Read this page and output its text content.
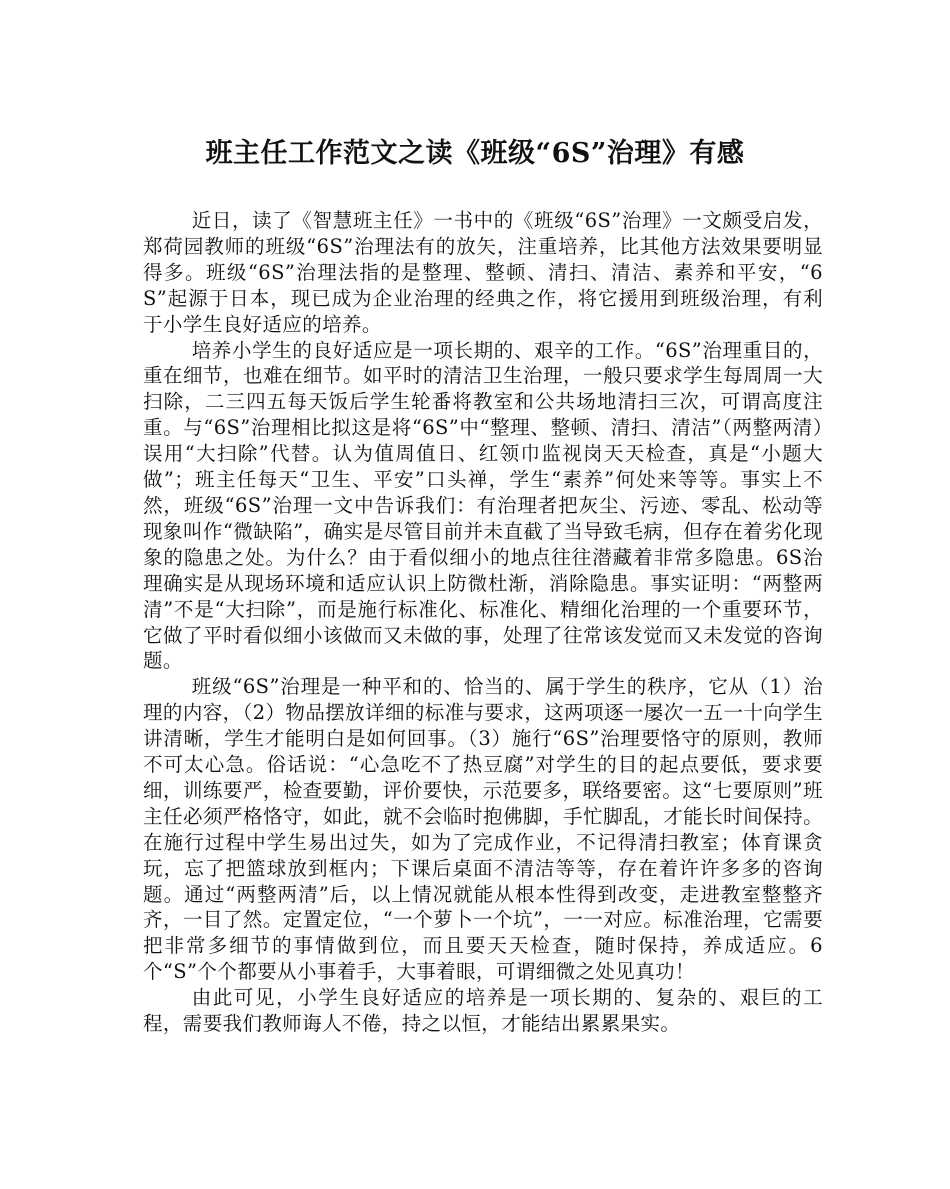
班主任工作范文之读《班级“6S”治理》有感

近日，读了《智慧班主任》一书中的《班级“6S”治理》一文颇受启发，郑荷园教师的班级“6S”治理法有的放矢，注重培养，比其他方法效果要明显得多。班级“6S”治理法指的是整理、整顿、清扫、清洁、素养和平安，“6S”起源于日本，现已成为企业治理的经典之作，将它援用到班级治理，有利于小学生良好适应的培养。

培养小学生的良好适应是一项长期的、艰辛的工作。“6S”治理重目的，重在细节，也难在细节。如平时的清洁卫生治理，一般只要求学生每周周一大扫除，二三四五每天饭后学生轮番将教室和公共场地清扫三次，可谓高度注重。与“6S”治理相比拟这是将“6S”中“整理、整顿、清扫、清洁”（两整两清）误用“大扫除”代替。认为值周值日、红领巾监视岗天天检查，真是“小题大做”；班主任每天“卫生、平安”口头禅，学生“素养”何处来等等。事实上不然，班级“6S”治理一文中告诉我们：有治理者把灰尘、污迹、零乱、松动等现象叫作“微缺陷”，确实是尽管目前并未直截了当导致毛病，但存在着劣化现象的隐患之处。为什么？由于看似细小的地点往往潜藏着非常多隐患。6S治理确实是从现场环境和适应认识上防微杜渐，消除隐患。事实证明：“两整两清”不是“大扫除”，而是施行标准化、标准化、精细化治理的一个重要环节，它做了平时看似细小该做而又未做的事，处理了往常该发觉而又未发觉的咨询题。

班级“6S”治理是一种平和的、恰当的、属于学生的秩序，它从（1）治理的内容，（2）物品摆放详细的标准与要求，这两项逐一屡次一五一十向学生讲清晰，学生才能明白是如何回事。（3）施行“6S”治理要恪守的原则，教师不可太心急。俗话说：“心急吃不了热豆腐”对学生的目的起点要低，要求要细，训练要严，检查要勤，评价要快，示范要多，联络要密。这“七要原则”班主任必须严格恪守，如此，就不会临时抱佛脚，手忙脚乱，才能长时间保持。在施行过程中学生易出过失，如为了完成作业，不记得清扫教室；体育课贪玩，忘了把篮球放到框内；下课后桌面不清洁等等，存在着许许多多的咨询题。通过“两整两清”后，以上情况就能从根本性得到改变，走进教室整整齐齐，一目了然。定置定位，“一个萝卜一个坑”，一一对应。标准治理，它需要把非常多细节的事情做到位，而且要天天检查，随时保持，养成适应。6个“S”个个都要从小事着手，大事着眼，可谓细微之处见真功！

由此可见，小学生良好适应的培养是一项长期的、复杂的、艰巨的工程，需要我们教师诲人不倦，持之以恒，才能结出累累果实。
